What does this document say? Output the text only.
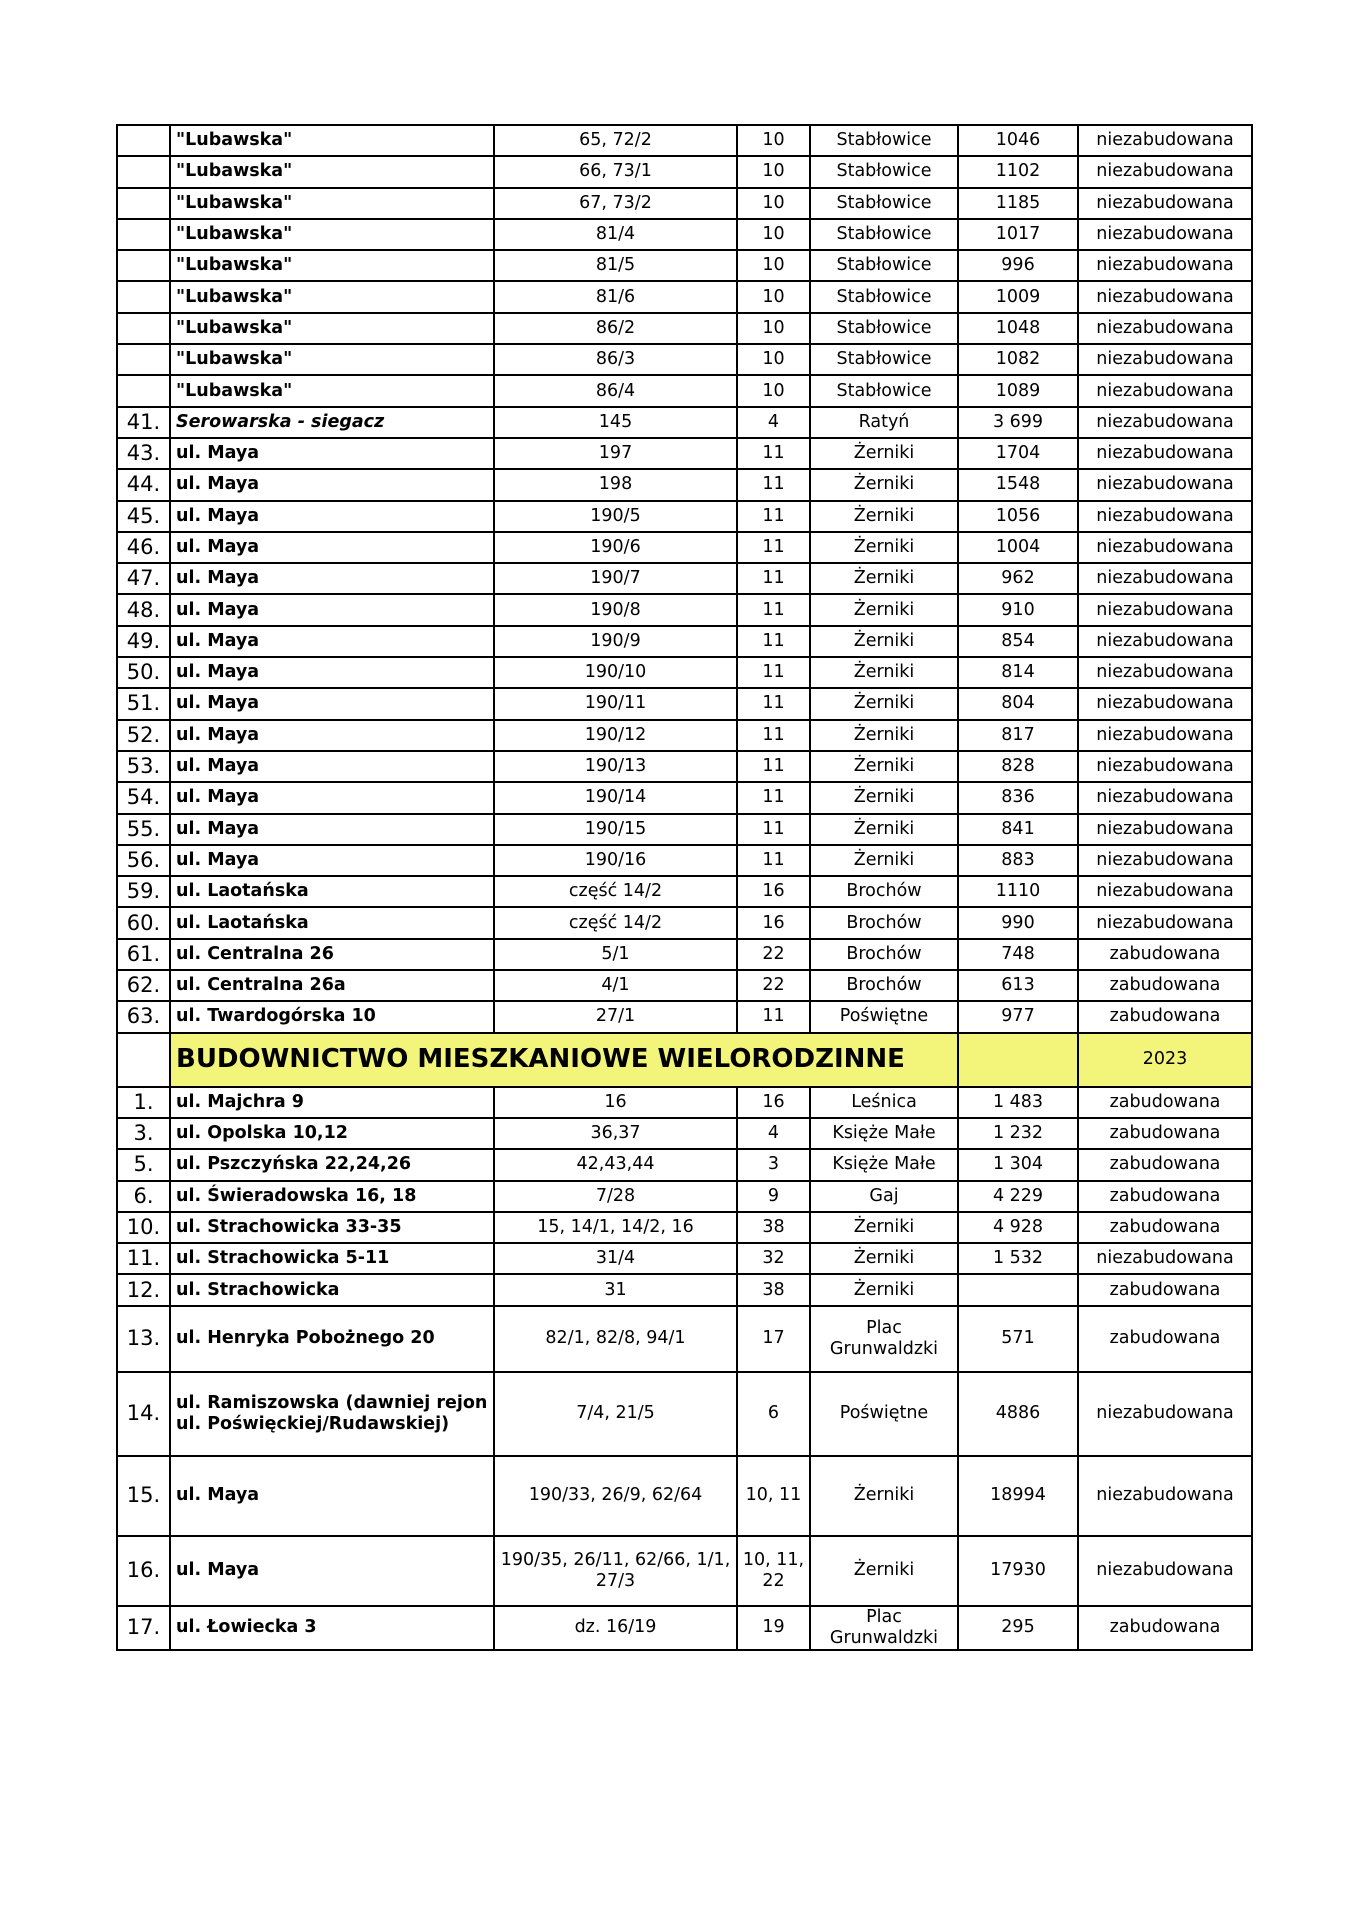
	"Lubawska"	65, 72/2	10	Stabłowice	1046	niezabudowana
	"Lubawska"	66, 73/1	10	Stabłowice	1102	niezabudowana
	"Lubawska"	67, 73/2	10	Stabłowice	1185	niezabudowana
	"Lubawska"	81/4	10	Stabłowice	1017	niezabudowana
	"Lubawska"	81/5	10	Stabłowice	996	niezabudowana
	"Lubawska"	81/6	10	Stabłowice	1009	niezabudowana
	"Lubawska"	86/2	10	Stabłowice	1048	niezabudowana
	"Lubawska"	86/3	10	Stabłowice	1082	niezabudowana
	"Lubawska"	86/4	10	Stabłowice	1089	niezabudowana
41.	Serowarska - siegacz	145	4	Ratyń	3 699	niezabudowana
43.	ul. Maya	197	11	Żerniki	1704	niezabudowana
44.	ul. Maya	198	11	Żerniki	1548	niezabudowana
45.	ul. Maya	190/5	11	Żerniki	1056	niezabudowana
46.	ul. Maya	190/6	11	Żerniki	1004	niezabudowana
47.	ul. Maya	190/7	11	Żerniki	962	niezabudowana
48.	ul. Maya	190/8	11	Żerniki	910	niezabudowana
49.	ul. Maya	190/9	11	Żerniki	854	niezabudowana
50.	ul. Maya	190/10	11	Żerniki	814	niezabudowana
51.	ul. Maya	190/11	11	Żerniki	804	niezabudowana
52.	ul. Maya	190/12	11	Żerniki	817	niezabudowana
53.	ul. Maya	190/13	11	Żerniki	828	niezabudowana
54.	ul. Maya	190/14	11	Żerniki	836	niezabudowana
55.	ul. Maya	190/15	11	Żerniki	841	niezabudowana
56.	ul. Maya	190/16	11	Żerniki	883	niezabudowana
59.	ul. Laotańska	część 14/2	16	Brochów	1110	niezabudowana
60.	ul. Laotańska	część 14/2	16	Brochów	990	niezabudowana
61.	ul. Centralna 26	5/1	22	Brochów	748	zabudowana
62.	ul. Centralna 26a	4/1	22	Brochów	613	zabudowana
63.	ul. Twardogórska 10	27/1	11	Poświętne	977	zabudowana
	BUDOWNICTWO MIESZKANIOWE WIELORODZINNE					2023
1.	ul. Majchra 9	16	16	Leśnica	1 483	zabudowana
3.	ul. Opolska 10,12	36,37	4	Księże Małe	1 232	zabudowana
5.	ul. Pszczyńska 22,24,26	42,43,44	3	Księże Małe	1 304	zabudowana
6.	ul. Świeradowska 16, 18	7/28	9	Gaj	4 229	zabudowana
10.	ul. Strachowicka 33-35	15, 14/1, 14/2, 16	38	Żerniki	4 928	zabudowana
11.	ul. Strachowicka 5-11	31/4	32	Żerniki	1 532	niezabudowana
12.	ul. Strachowicka	31	38	Żerniki		zabudowana
13.	ul. Henryka Pobożnego 20	82/1, 82/8, 94/1	17	Plac Grunwaldzki	571	zabudowana
14.	ul. Ramiszowska (dawniej rejon ul. Poświęckiej/Rudawskiej)	7/4, 21/5	6	Poświętne	4886	niezabudowana
15.	ul. Maya	190/33, 26/9, 62/64	10, 11	Żerniki	18994	niezabudowana
16.	ul. Maya	190/35, 26/11, 62/66, 1/1, 27/3	10, 11, 22	Żerniki	17930	niezabudowana
17.	ul. Łowiecka 3	dz. 16/19	19	Plac Grunwaldzki	295	zabudowana
